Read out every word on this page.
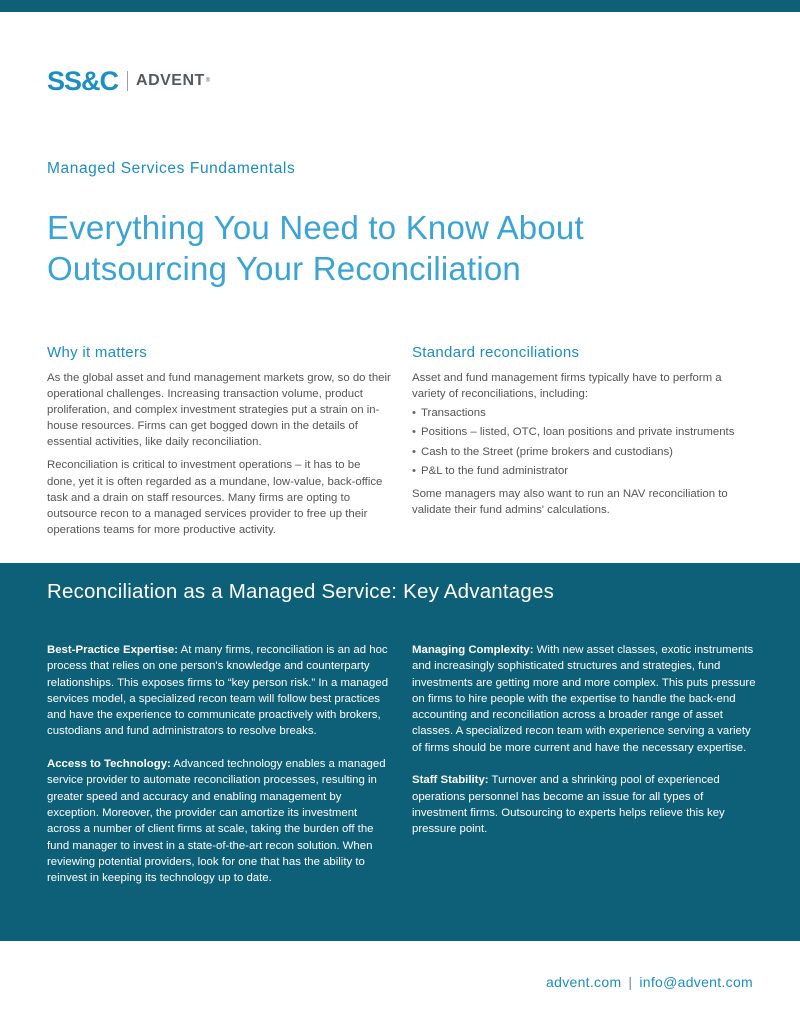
SS&C ADVENT ®
Managed Services Fundamentals
Everything You Need to Know About
Outsourcing Your Reconciliation
Why it matters

As the global asset and fund management markets grow, so do their operational challenges. Increasing transaction volume, product proliferation, and complex investment strategies put a strain on in-house resources. Firms can get bogged down in the details of essential activities, like daily reconciliation.

Reconciliation is critical to investment operations – it has to be done, yet it is often regarded as a mundane, low-value, back-office task and a drain on staff resources. Many firms are opting to outsource recon to a managed services provider to free up their operations teams for more productive activity.

Standard reconciliations

Asset and fund management firms typically have to perform a variety of reconciliations, including:

• Transactions
• Positions – listed, OTC, loan positions and private instruments
• Cash to the Street (prime brokers and custodians)
• P&L to the fund administrator

Some managers may also want to run an NAV reconciliation to validate their fund admins' calculations.

Reconciliation as a Managed Service: Key Advantages

Best-Practice Expertise: At many firms, reconciliation is an ad hoc process that relies on one person's knowledge and counterparty relationships. This exposes firms to “key person risk.” In a managed services model, a specialized recon team will follow best practices and have the experience to communicate proactively with brokers, custodians and fund administrators to resolve breaks.

Access to Technology: Advanced technology enables a managed service provider to automate reconciliation processes, resulting in greater speed and accuracy and enabling management by exception. Moreover, the provider can amortize its investment across a number of client firms at scale, taking the burden off the fund manager to invest in a state-of-the-art recon solution. When reviewing potential providers, look for one that has the ability to reinvest in keeping its technology up to date.

Managing Complexity: With new asset classes, exotic instruments and increasingly sophisticated structures and strategies, fund investments are getting more and more complex. This puts pressure on firms to hire people with the expertise to handle the back-end accounting and reconciliation across a broader range of asset classes. A specialized recon team with experience serving a variety of firms should be more current and have the necessary expertise.

Staff Stability: Turnover and a shrinking pool of experienced operations personnel has become an issue for all types of investment firms. Outsourcing to experts helps relieve this key pressure point.

advent.com | info@advent.com
